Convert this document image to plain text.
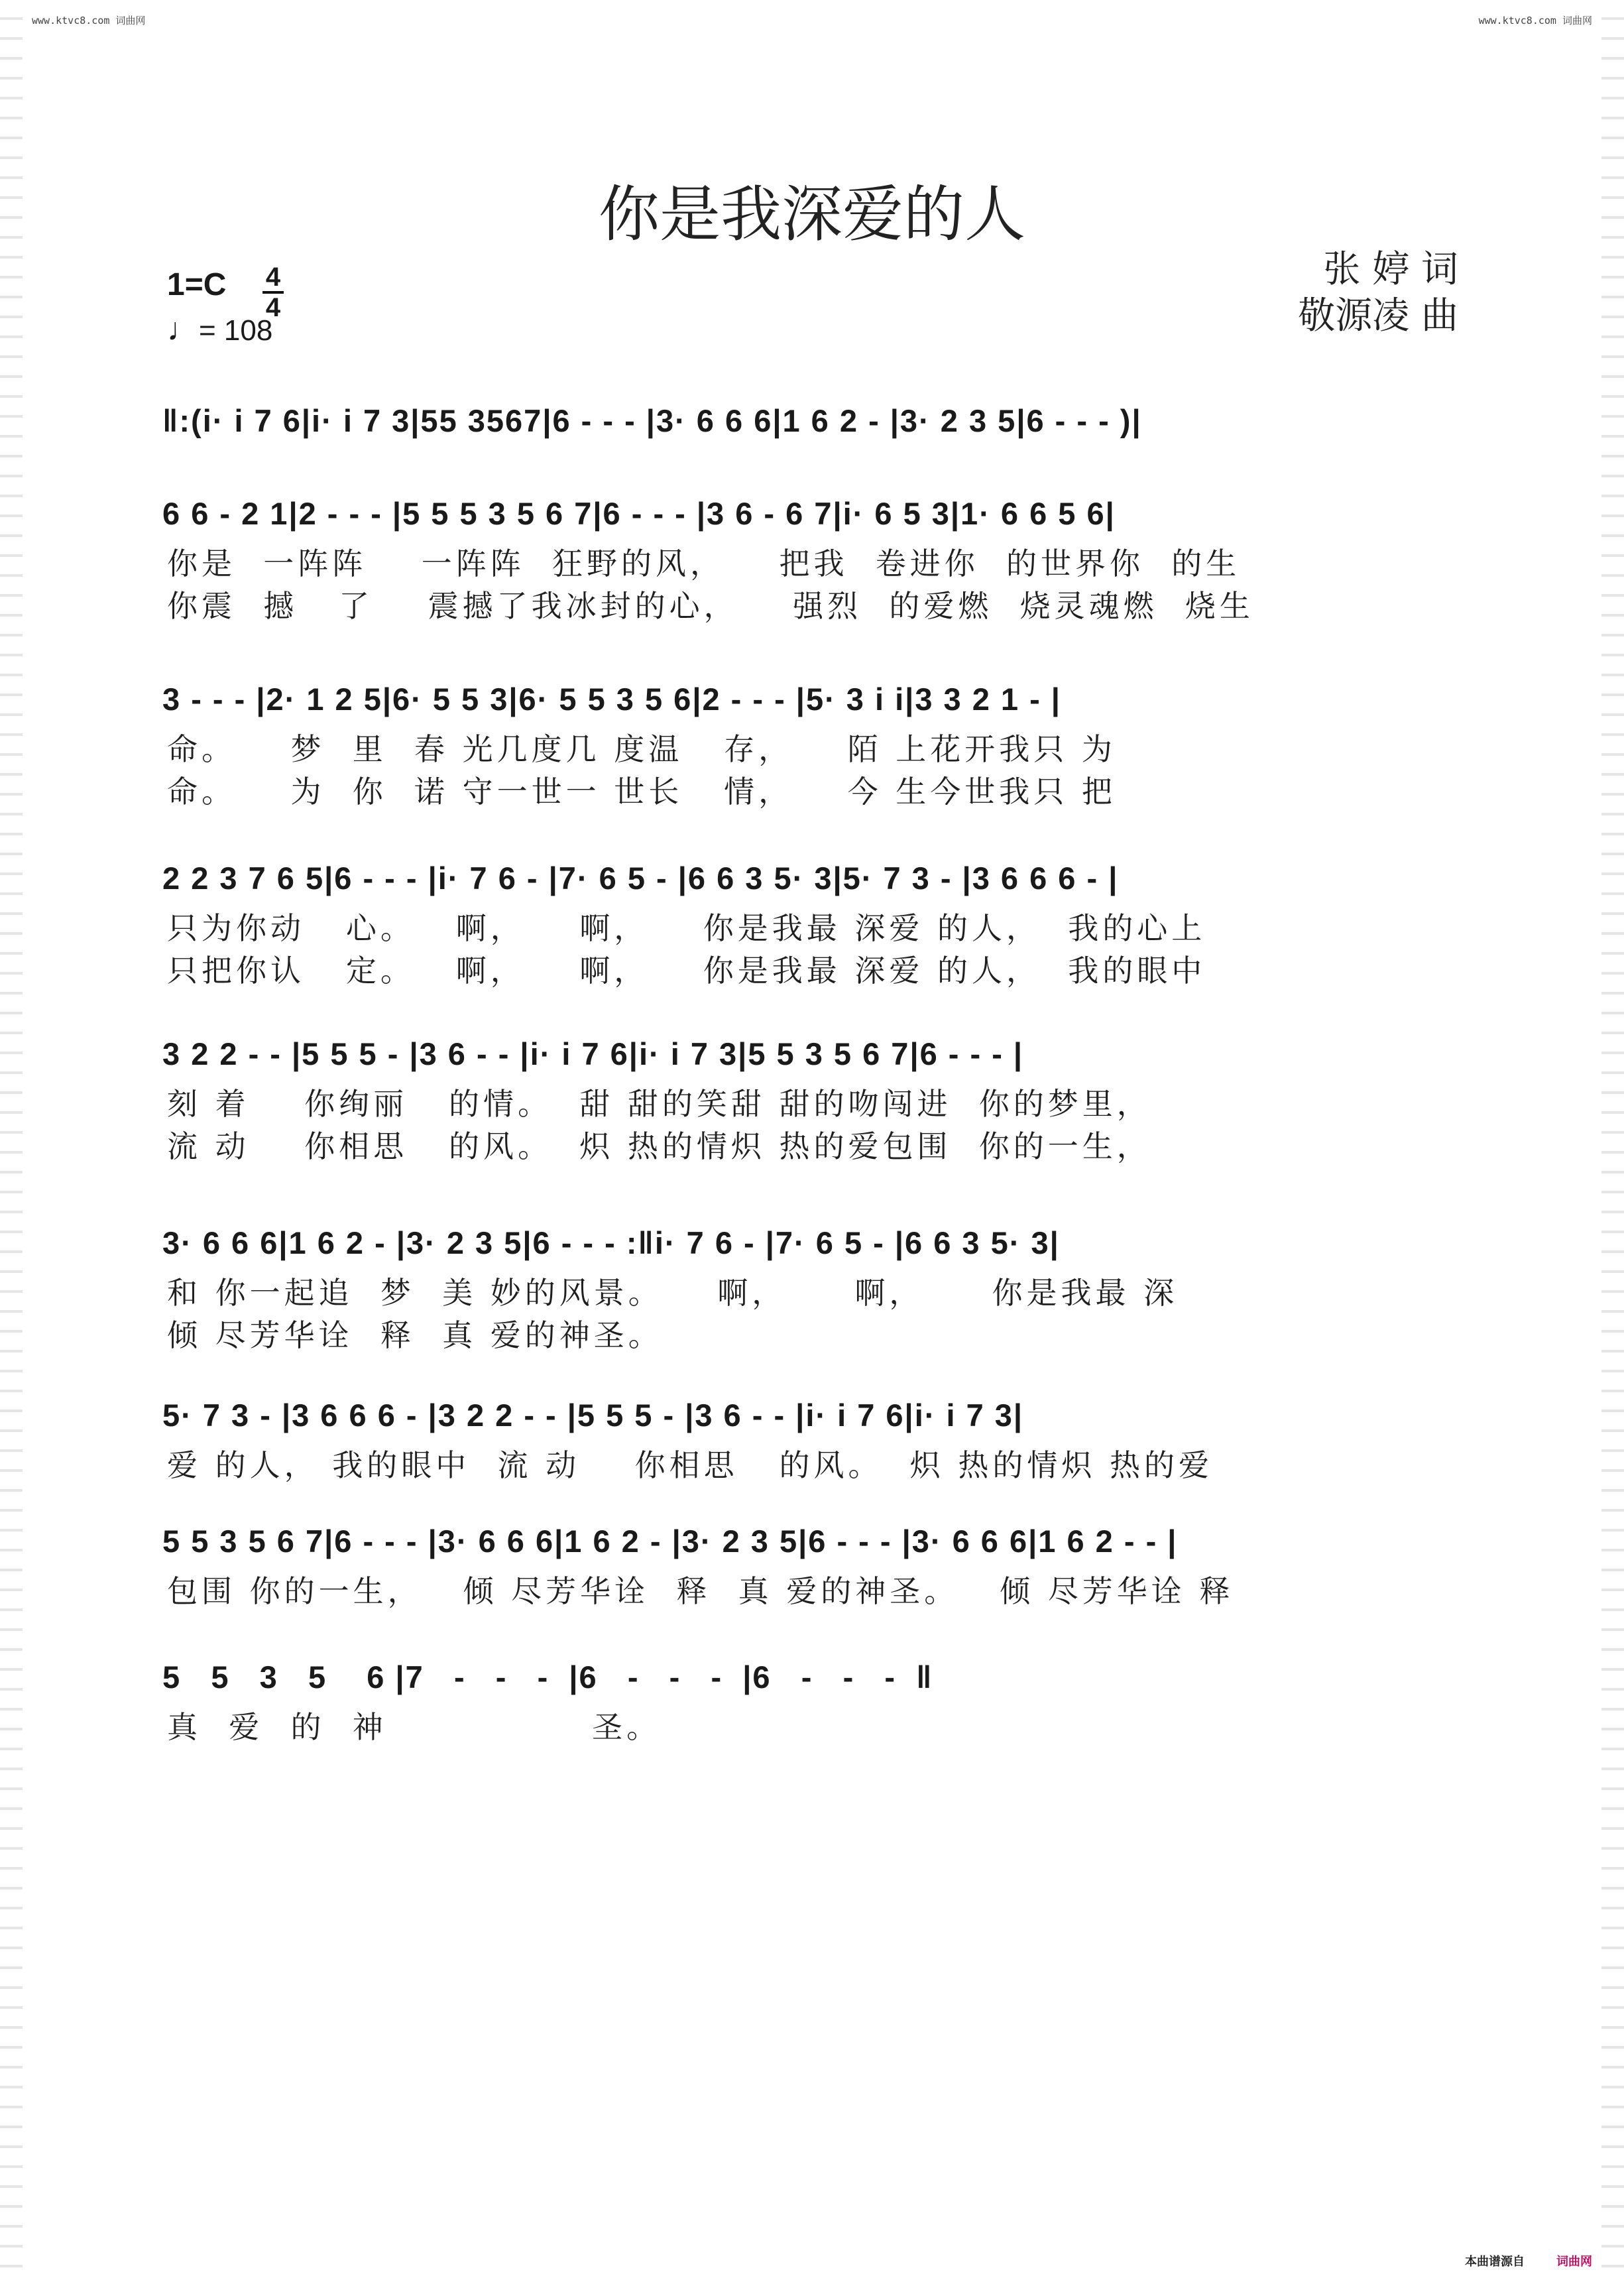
www.ktvc8.com 词曲网	www.ktvc8.com 词曲网
你是我深爱的人
张 婷 词
敬源凌 曲
1=C 4
4
♩= 108
‖:(i· i 7 6|i· i 7 3|55 3567|6 - - - |3· 6 6 6|1 6 2 - |3· 2 3 5|6 - - - )|
6 6 - 2 1|2 - - - |5 5 5 3 5 6 7|6 - - - |3 6 - 6 7|i· 6 5 3|1· 6 6 5 6|
你是  一阵阵    一阵阵  狂野的风，    把我  卷进你  的世界你  的生
你震  撼   了    震撼了我冰封的心，    强烈  的爱燃  烧灵魂燃  烧生
3 - - - |2· 1 2 5|6· 5 5 3|6· 5 5 3 5 6|2 - - - |5· 3 i i|3 3 2 1 - |
命。    梦  里  春 光几度几 度温   存，    陌 上花开我只 为
命。    为  你  诺 守一世一 世长   情，    今 生今世我只 把
2 2 3 7 6 5|6 - - - |i· 7 6 - |7· 6 5 - |6 6 3 5· 3|5· 7 3 - |3 6 6 6 - |
只为你动   心。   啊，    啊，    你是我最 深爱 的人，  我的心上
只把你认   定。   啊，    啊，    你是我最 深爱 的人，  我的眼中
3 2 2 - - |5 5 5 - |3 6 - - |i· i 7 6|i· i 7 3|5 5 3 5 6 7|6 - - - |
刻 着    你绚丽   的情。  甜 甜的笑甜 甜的吻闯进  你的梦里，
流 动    你相思   的风。  炽 热的情炽 热的爱包围  你的一生，
3· 6 6 6|1 6 2 - |3· 2 3 5|6 - - - :‖i· 7 6 - |7· 6 5 - |6 6 3 5· 3|
和 你一起追  梦  美 妙的风景。    啊，     啊，     你是我最 深
倾 尽芳华诠  释  真 爱的神圣。
5· 7 3 - |3 6 6 6 - |3 2 2 - - |5 5 5 - |3 6 - - |i· i 7 6|i· i 7 3|
爱 的人， 我的眼中  流 动    你相思   的风。  炽 热的情炽 热的爱
5 5 3 5 6 7|6 - - - |3· 6 6 6|1 6 2 - |3· 2 3 5|6 - - - |3· 6 6 6|1 6 2 - - |
包围 你的一生，   倾 尽芳华诠  释  真 爱的神圣。   倾 尽芳华诠 释
5   5   3   5    6 |7   -   -   -  |6   -   -   -  |6   -   -   -  ‖
真  爱  的  神               圣。
本曲谱源自	词曲网
